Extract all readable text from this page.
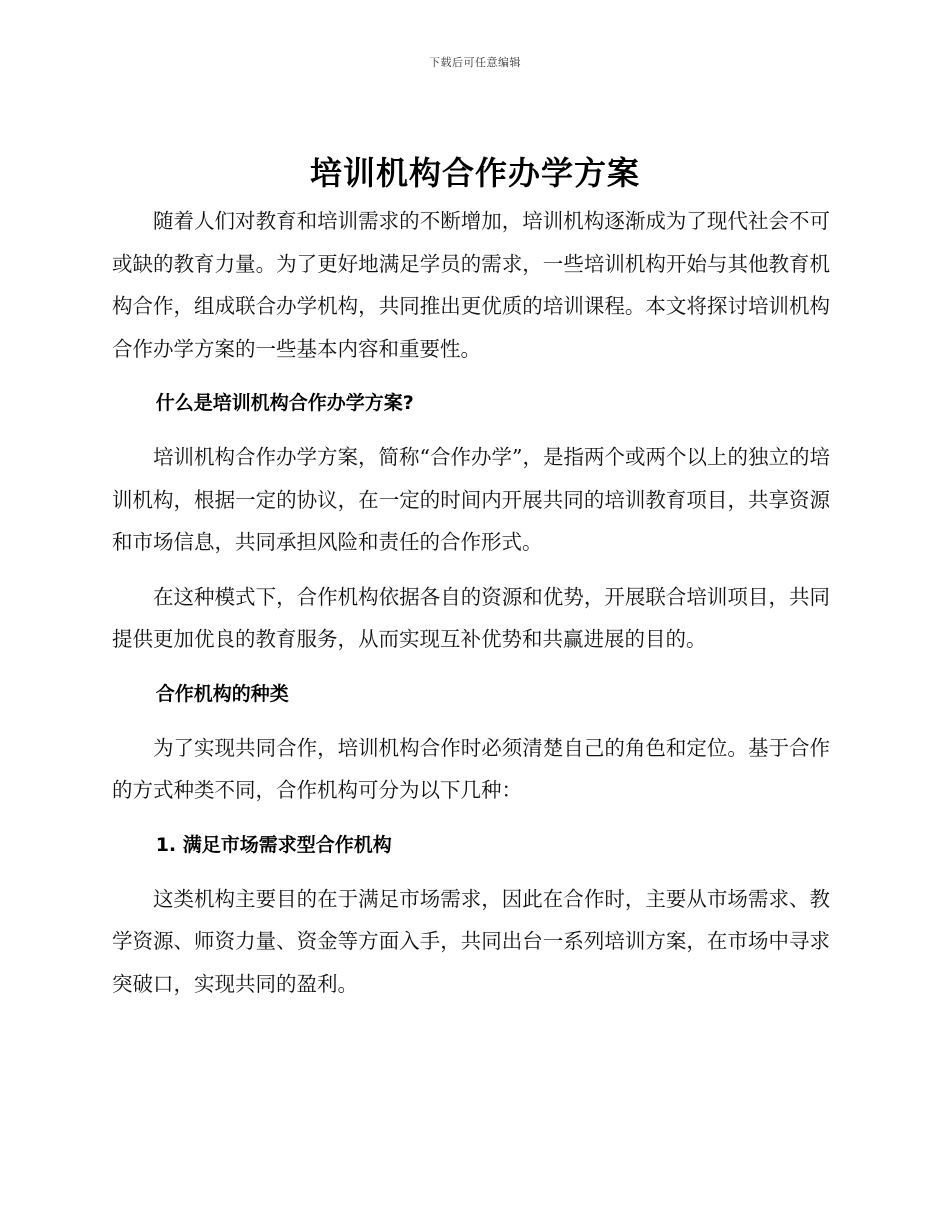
下载后可任意编辑
培训机构合作办学方案

随着人们对教育和培训需求的不断增加，培训机构逐渐成为了现代社会不可或缺的教育力量。为了更好地满足学员的需求，一些培训机构开始与其他教育机构合作，组成联合办学机构，共同推出更优质的培训课程。本文将探讨培训机构合作办学方案的一些基本内容和重要性。

什么是培训机构合作办学方案?

培训机构合作办学方案，简称“合作办学”，是指两个或两个以上的独立的培训机构，根据一定的协议，在一定的时间内开展共同的培训教育项目，共享资源和市场信息，共同承担风险和责任的合作形式。

在这种模式下，合作机构依据各自的资源和优势，开展联合培训项目，共同提供更加优良的教育服务，从而实现互补优势和共赢进展的目的。

合作机构的种类

为了实现共同合作，培训机构合作时必须清楚自己的角色和定位。基于合作的方式种类不同，合作机构可分为以下几种：

1. 满足市场需求型合作机构

这类机构主要目的在于满足市场需求，因此在合作时，主要从市场需求、教学资源、师资力量、资金等方面入手，共同出台一系列培训方案，在市场中寻求突破口，实现共同的盈利。
